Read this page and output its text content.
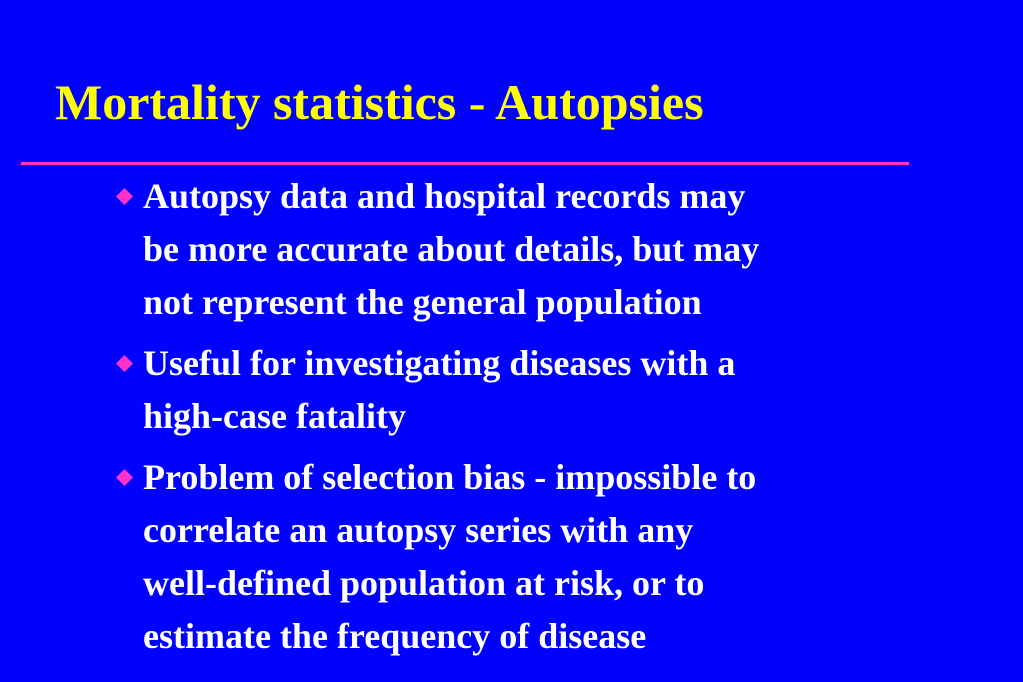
Mortality statistics - Autopsies
Autopsy data and hospital records may
be more accurate about details, but may
not represent the general population
Useful for investigating diseases with a
high-case fatality
Problem of selection bias - impossible to
correlate an autopsy series with any
well-defined population at risk, or to
estimate the frequency of disease
